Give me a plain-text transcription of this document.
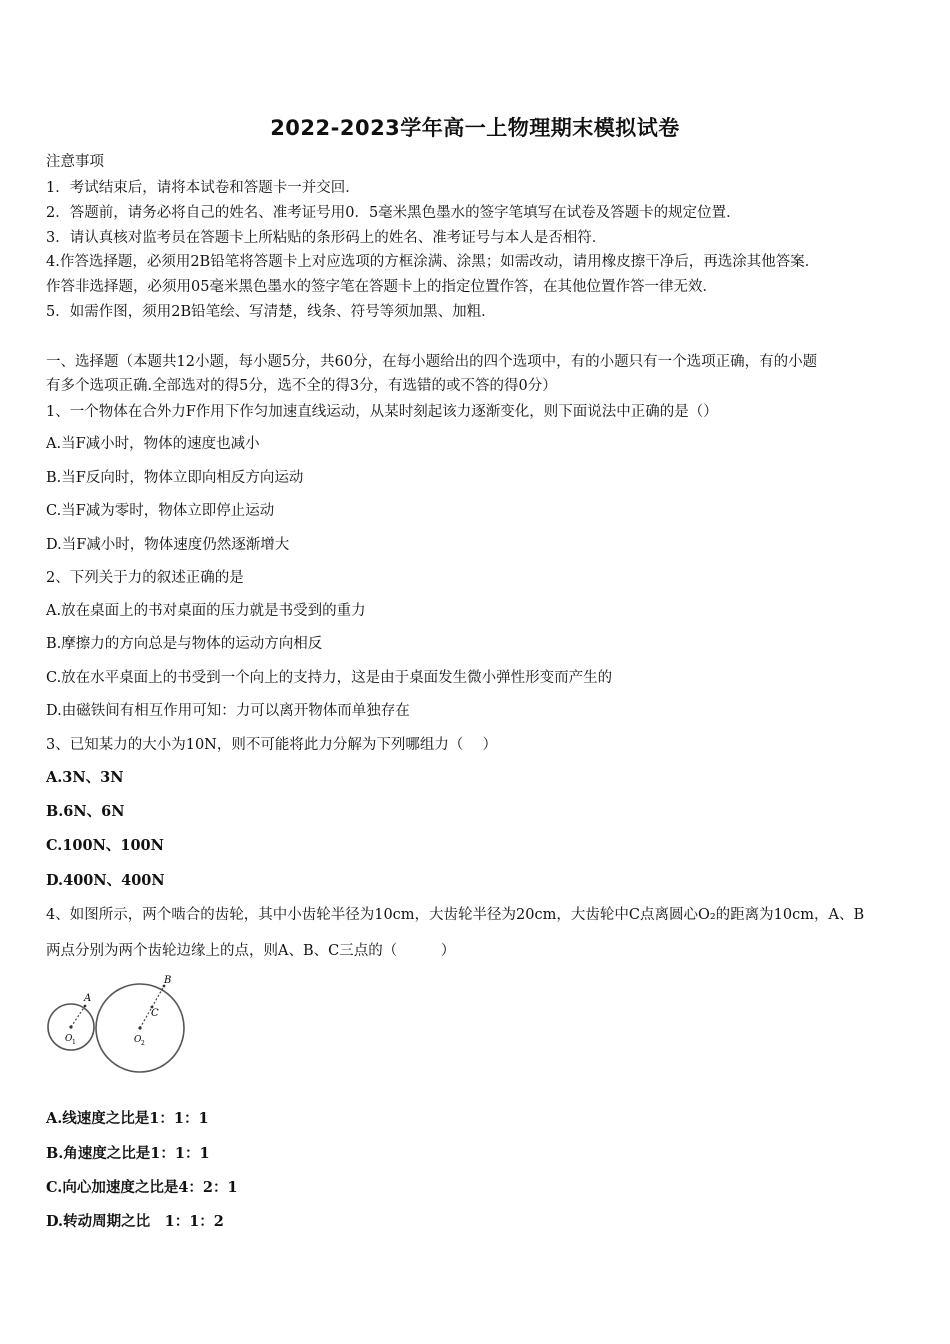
2022-2023学年高一上物理期末模拟试卷
注意事项
1．考试结束后，请将本试卷和答题卡一并交回．
2．答题前，请务必将自己的姓名、准考证号用0．5毫米黑色墨水的签字笔填写在试卷及答题卡的规定位置．
3．请认真核对监考员在答题卡上所粘贴的条形码上的姓名、准考证号与本人是否相符．
4.作答选择题，必须用2B铅笔将答题卡上对应选项的方框涂满、涂黑；如需改动，请用橡皮擦干净后，再选涂其他答案．
作答非选择题，必须用05毫米黑色墨水的签字笔在答题卡上的指定位置作答，在其他位置作答一律无效．
5．如需作图，须用2B铅笔绘、写清楚，线条、符号等须加黑、加粗．
一、选择题（本题共12小题，每小题5分，共60分，在每小题给出的四个选项中，有的小题只有一个选项正确，有的小题
有多个选项正确.全部选对的得5分，选不全的得3分，有选错的或不答的得0分）
1、一个物体在合外力F作用下作匀加速直线运动，从某时刻起该力逐渐变化，则下面说法中正确的是（）
A.当F减小时，物体的速度也减小
B.当F反向时，物体立即向相反方向运动
C.当F减为零时，物体立即停止运动
D.当F减小时，物体速度仍然逐渐增大
2、下列关于力的叙述正确的是
A.放在桌面上的书对桌面的压力就是书受到的重力
B.摩擦力的方向总是与物体的运动方向相反
C.放在水平桌面上的书受到一个向上的支持力，这是由于桌面发生微小弹性形变而产生的
D.由磁铁间有相互作用可知：力可以离开物体而单独存在
3、已知某力的大小为10N，则不可能将此力分解为下列哪组力（　 ）
A.3N、3N
B.6N、6N
C.100N、100N
D.400N、400N
4、如图所示，两个啮合的齿轮，其中小齿轮半径为10cm，大齿轮半径为20cm，大齿轮中C点离圆心O₂的距离为10cm，A、B
两点分别为两个齿轮边缘上的点，则A、B、C三点的（　　　）
A
B
C
O 1	O 2
A.线速度之比是1：1：1
B.角速度之比是1：1：1
C.向心加速度之比是4：2：1
D.转动周期之比　1：1：2
